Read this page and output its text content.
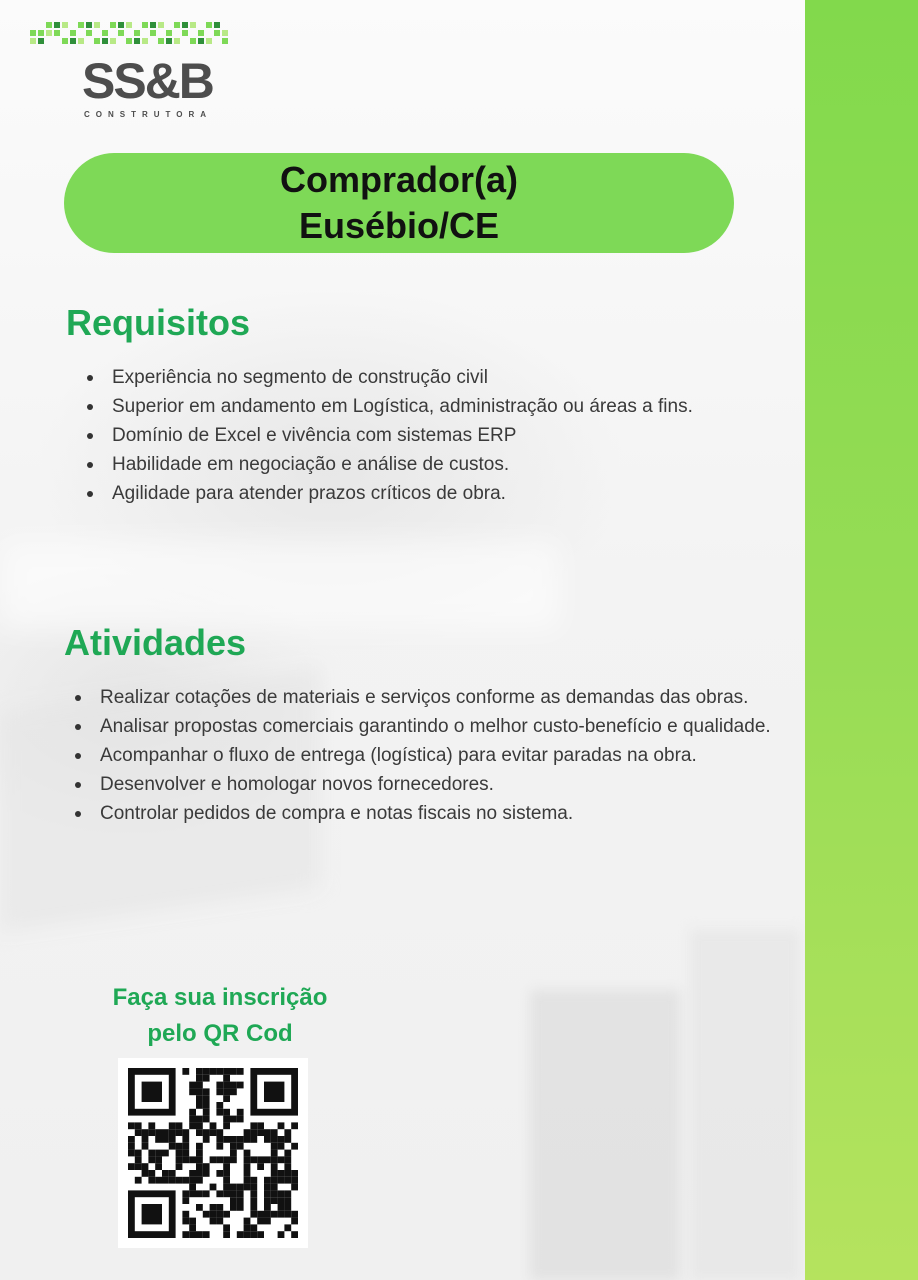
SS&B
CONSTRUTORA
Comprador(a)
Eusébio/CE
Requisitos
Experiência no segmento de construção civil
Superior em andamento em Logística, administração ou áreas a fins.
Domínio de Excel e vivência com sistemas ERP
Habilidade em negociação e análise de custos.
Agilidade para atender prazos críticos de obra.
Atividades
Realizar cotações de materiais e serviços conforme as demandas das obras.
Analisar propostas comerciais garantindo o melhor custo-benefício e qualidade.
Acompanhar o fluxo de entrega (logística) para evitar paradas na obra.
Desenvolver e homologar novos fornecedores.
Controlar pedidos de compra e notas fiscais no sistema.
Faça sua inscrição
pelo QR Cod
